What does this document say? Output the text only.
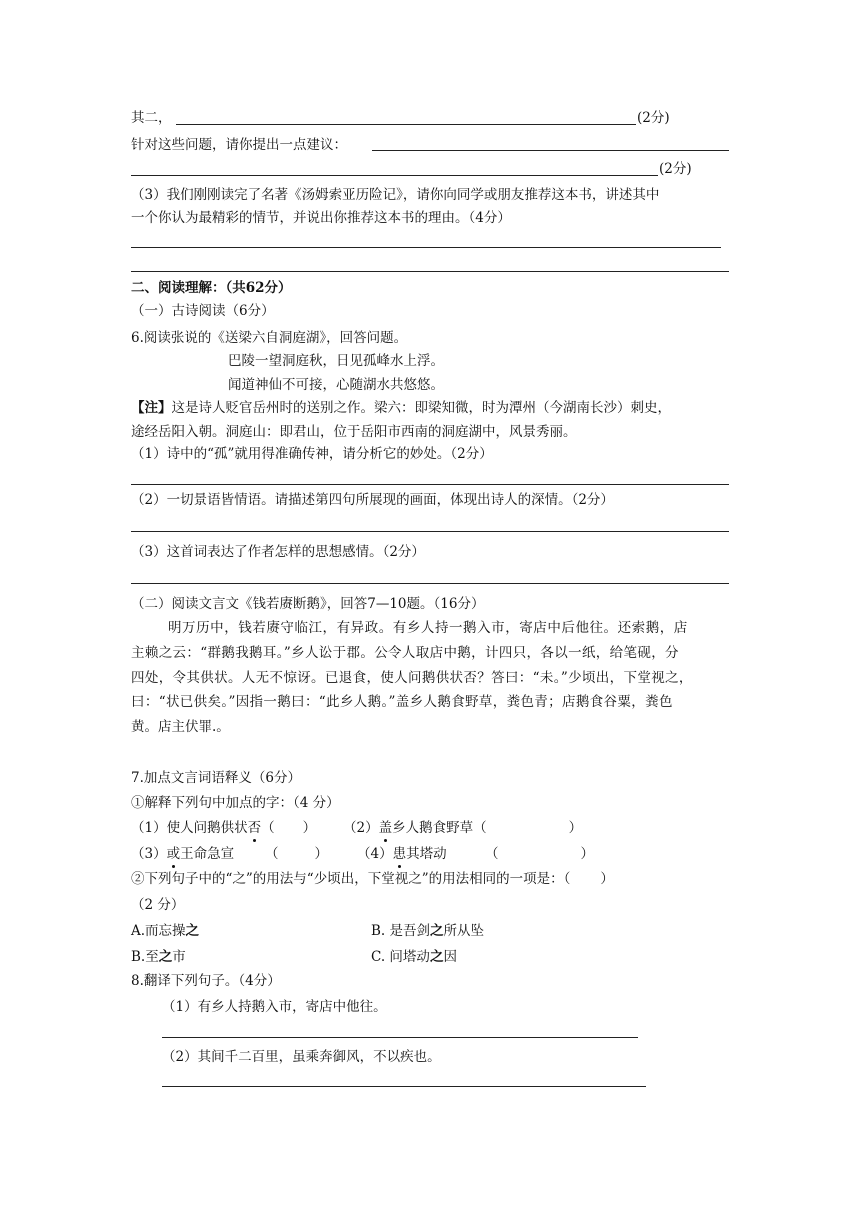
其二，	(2分)
针对这些问题，请你提出一点建议：
(2分)
（3）我们刚刚读完了名著《汤姆索亚历险记》，请你向同学或朋友推荐这本书，讲述其中
一个你认为最精彩的情节，并说出你推荐这本书的理由。（4分）
二、阅读理解：（共62分）
（一）古诗阅读（6分）
6.阅读张说的《送梁六自洞庭湖》，回答问题。
巴陵一望洞庭秋，日见孤峰水上浮。
闻道神仙不可接，心随湖水共悠悠。
【注】这是诗人贬官岳州时的送别之作。梁六：即梁知微，时为潭州（今湖南长沙）刺史，
途经岳阳入朝。洞庭山：即君山，位于岳阳市西南的洞庭湖中，风景秀丽。
（1）诗中的“孤”就用得准确传神，请分析它的妙处。（2分）
（2）一切景语皆情语。请描述第四句所展现的画面，体现出诗人的深情。（2分）
（3）这首词表达了作者怎样的思想感情。（2分）
（二）阅读文言文《钱若赓断鹅》，回答7—10题。（16分）
明万历中，钱若赓守临江，有异政。有乡人持一鹅入市，寄店中后他往。还索鹅，店
主赖之云：“群鹅我鹅耳。”乡人讼于郡。公令人取店中鹅，计四只，各以一纸，给笔砚，分
四处，令其供状。人无不惊讶。已退食，使人问鹅供状否？答曰：“未。”少顷出，下堂视之，
曰：“状已供矣。”因指一鹅曰：“此乡人鹅。”盖乡人鹅食野草，粪色青；店鹅食谷粟，粪色
黄。店主伏罪.。
7.加点文言词语释义（6分）
①解释下列句中加点的字：（4 分）
（1）使人问鹅供状否（ ） （2）盖乡人鹅食野草（	）
（3）或王命急宣 （	） （4）患其塔动	（	）
②下列句子中的“之”的用法与“少顷出，下堂视之”的用法相同的一项是：（ ）
（2 分）
A.而忘操之	B. 是吾剑之所从坠
B.至之市	C. 问塔动之因
8.翻译下列句子。（4分）
（1）有乡人持鹅入市，寄店中他往。
（2）其间千二百里，虽乘奔御风，不以疾也。
